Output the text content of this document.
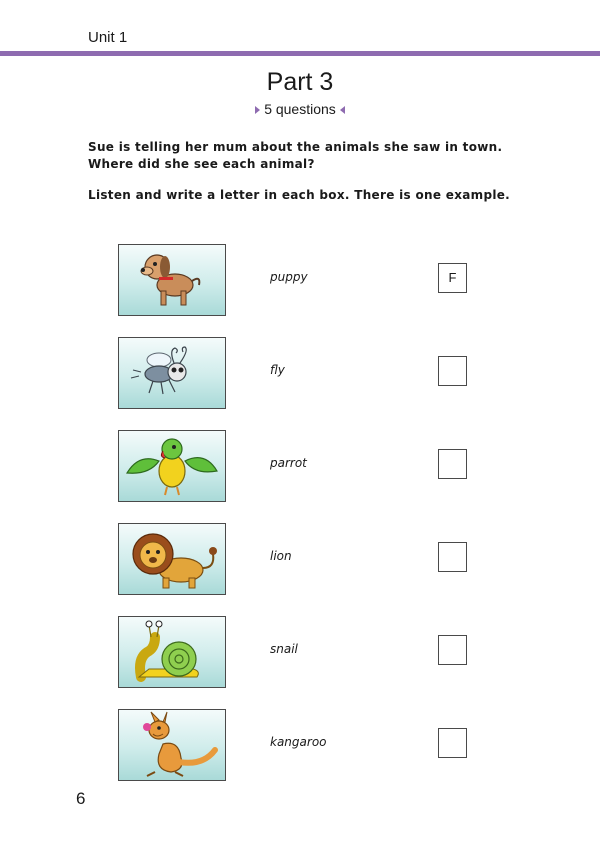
Unit 1
Part 3
5 questions
Sue is telling her mum about the animals she saw in town. Where did she see each animal?
Listen and write a letter in each box. There is one example.
puppy	F
fly
parrot
lion
snail
kangaroo
6
